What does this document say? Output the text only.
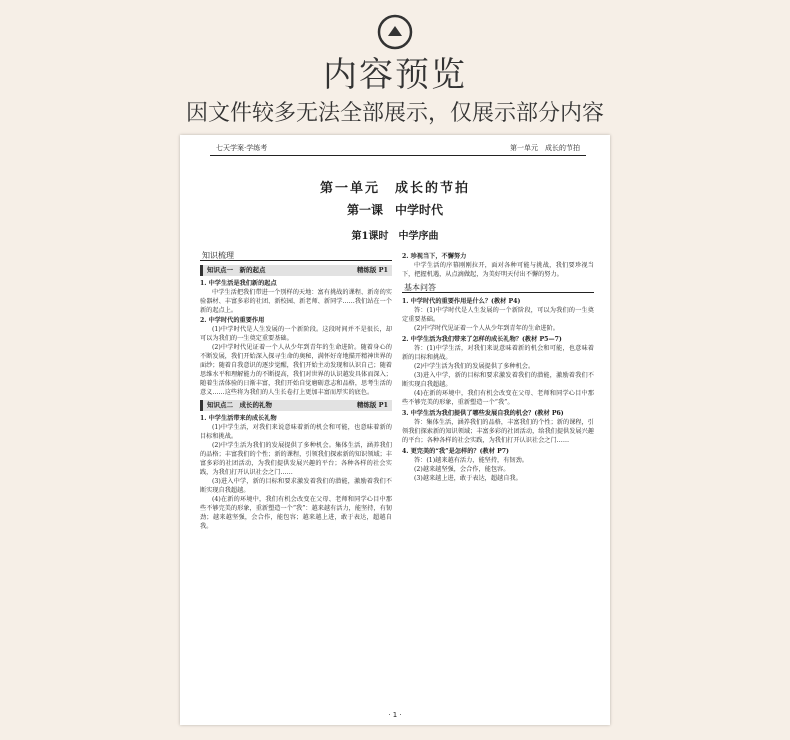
内容预览
因文件较多无法全部展示，仅展示部分内容
七天学案·学练考	第一单元　成长的节拍
第一单元　成长的节拍
第一课　中学时代
第1课时　中学序曲
知识梳理
知识点一　新的起点	精练版 P1
1. 中学生活是我们新的起点
中学生活把我们带进一个别样的天地：富有挑战的课程、新奇的实验器材、丰富多彩的社团、新校园、新老师、新同学……我们站在一个新的起点上。
2. 中学时代的重要作用
(1)中学时代是人生发展的一个新阶段。这段时间并不是很长，却可以为我们的一生奠定重要基础。
(2)中学时代见证着一个人从少年到青年的生命进阶。随着身心的不断发展，我们开始深入探寻生命的奥秘，满怀好奇地描开精神世界的面纱；随着自我意识的逐步觉醒，我们开始主动发现和认识自己；随着思维水平和理解能力的不断提高，我们对世界的认识越发具体而深入；随着生活体验的日渐丰富，我们开始自觉磨砺意志和品格，思考生活的意义……这些将为我们的人生长卷打上更加丰富而厚实的底色。
知识点二　成长的礼物	精练版 P1
1. 中学生活带来的成长礼物
(1)中学生活，对我们来说意味着新的机会和可能，也意味着新的目标和挑战。
(2)中学生活为我们的发展提供了多种机会。集体生活，涵养我们的品格；丰富我们的个性；新的课程，引领我们探索新的知识领域；丰富多彩的社团活动，为我们提供发展兴趣的平台；各种各样的社会实践，为我们打开认识社会之门……
(3)进入中学，新的目标和要求激发着我们的潜能，激励着我们不断实现自我超越。
(4)在新的环境中，我们有机会改变在父母、老师和同学心目中那些不够完美的形象，重新塑造一个“我”：越来越有活力，能坚持，有韧劲；越来越坚强，会合作，能包容；越来越上进，敢于表达，超越自我。
2. 珍视当下，不懈努力
中学生活的序幕刚刚拉开，面对各种可能与挑战，我们要珍视当下，把握机遇，从点滴做起，为美好明天付出不懈的努力。
基本问答
1. 中学时代的重要作用是什么？(教材 P4)
答：(1)中学时代是人生发展的一个新阶段，可以为我们的一生奠定重要基础。
(2)中学时代见证着一个人从少年到青年的生命进阶。
2. 中学生活为我们带来了怎样的成长礼物？(教材 P5—7)
答：(1)中学生活，对我们来说意味着新的机会和可能，也意味着新的目标和挑战。
(2)中学生活为我们的发展提供了多种机会。
(3)进入中学，新的目标和要求激发着我们的潜能，激励着我们不断实现自我超越。
(4)在新的环境中，我们有机会改变在父母、老师和同学心目中那些不够完美的形象，重新塑造一个“我”。
3. 中学生活为我们提供了哪些发展自我的机会？(教材 P6)
答：集体生活，涵养我们的品格，丰富我们的个性；新的课程，引领我们探索新的知识领域；丰富多彩的社团活动，给我们提供发展兴趣的平台；各种各样的社会实践，为我们打开认识社会之门……
4. 更完美的“我”是怎样的？(教材 P7)
答：(1)越来越有活力，能坚持，有韧劲。
(2)越来越坚强，会合作，能包容。
(3)越来越上进，敢于表达，超越自我。
· 1 ·
